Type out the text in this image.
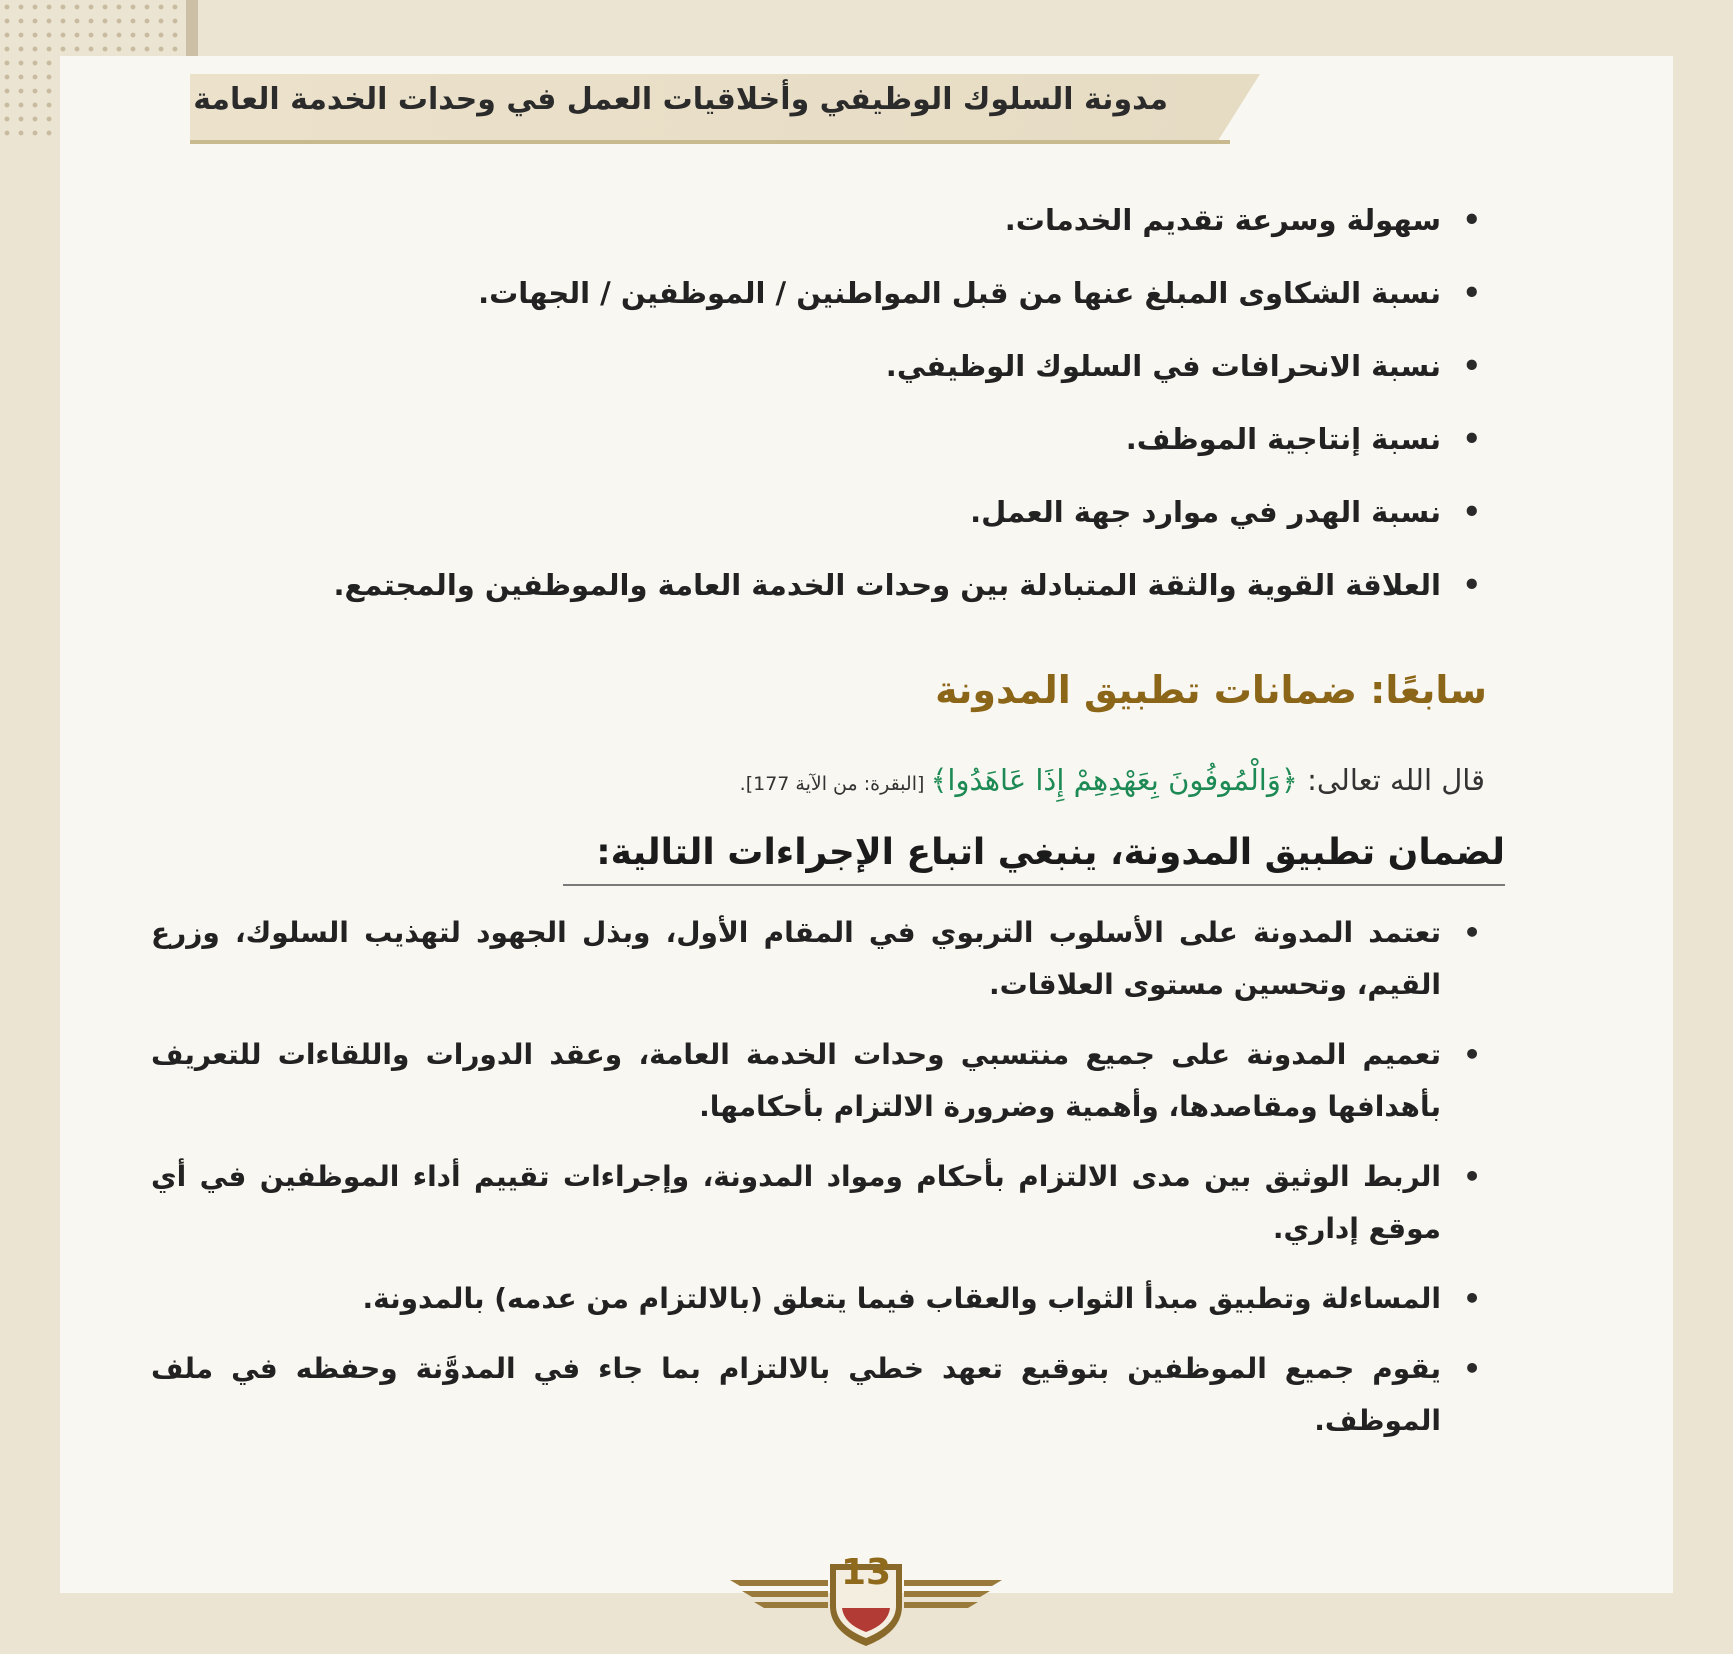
مدونة السلوك الوظيفي وأخلاقيات العمل في وحدات الخدمة العامة
• سهولة وسرعة تقديم الخدمات.
• نسبة الشكاوى المبلغ عنها من قبل المواطنين / الموظفين / الجهات.
• نسبة الانحرافات في السلوك الوظيفي.
• نسبة إنتاجية الموظف.
• نسبة الهدر في موارد جهة العمل.
• العلاقة القوية والثقة المتبادلة بين وحدات الخدمة العامة والموظفين والمجتمع.
سابعًا: ضمانات تطبيق المدونة
قال الله تعالى: ﴿وَالْمُوفُونَ بِعَهْدِهِمْ إِذَا عَاهَدُوا﴾ [البقرة: من الآية 177].
لضمان تطبيق المدونة، ينبغي اتباع الإجراءات التالية:
• تعتمد المدونة على الأسلوب التربوي في المقام الأول، وبذل الجهود لتهذيب السلوك، وزرع القيم، وتحسين مستوى العلاقات.
• تعميم المدونة على جميع منتسبي وحدات الخدمة العامة، وعقد الدورات واللقاءات للتعريف بأهدافها ومقاصدها، وأهمية وضرورة الالتزام بأحكامها.
• الربط الوثيق بين مدى الالتزام بأحكام ومواد المدونة، وإجراءات تقييم أداء الموظفين في أي موقع إداري.
• المساءلة وتطبيق مبدأ الثواب والعقاب فيما يتعلق (بالالتزام من عدمه) بالمدونة.
• يقوم جميع الموظفين بتوقيع تعهد خطي بالالتزام بما جاء في المدوَّنة وحفظه في ملف الموظف.
13
